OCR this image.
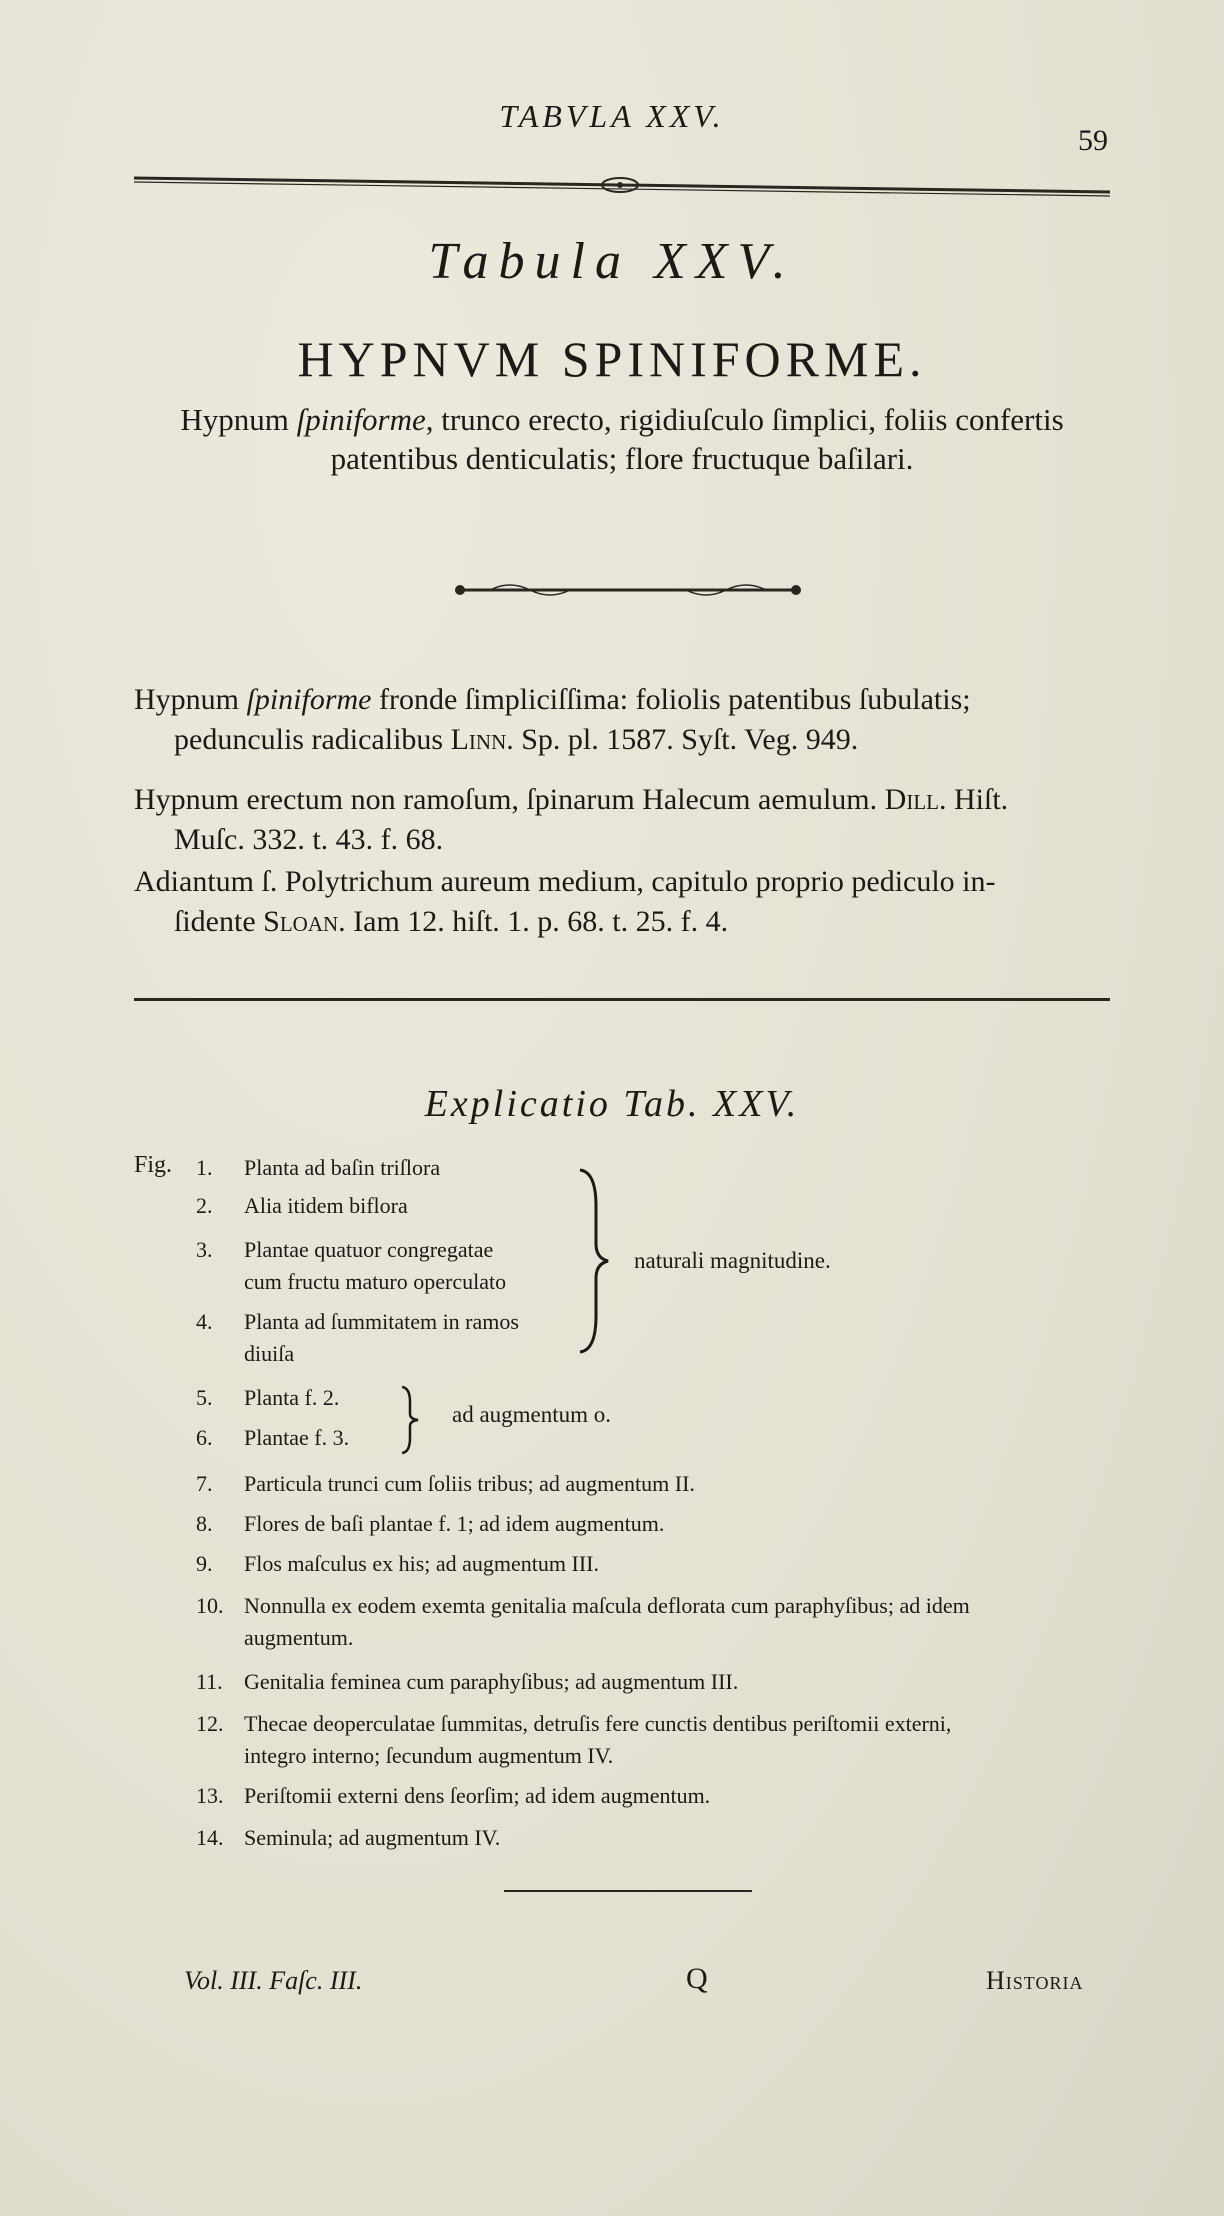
TABVLA XXV.
59
Tabula XXV.
HYPNVM SPINIFORME.
Hypnum ſpiniforme, trunco erecto, rigidiuſculo ſimplici, foliis confertis patentibus denticulatis; flore fructuque baſilari.
Hypnum ſpiniforme fronde ſimpliciſſima: foliolis patentibus ſubulatis;
pedunculis radicalibus Linn. Sp. pl. 1587. Syſt. Veg. 949.
Hypnum erectum non ramoſum, ſpinarum Halecum aemulum. Dill. Hiſt.
Muſc. 332. t. 43. f. 68.
Adiantum ſ. Polytrichum aureum medium, capitulo proprio pediculo in-
ſidente Sloan. Iam 12. hiſt. 1. p. 68. t. 25. f. 4.
Explicatio Tab. XXV.
Fig. 1. Planta ad baſin triſlora
2. Alia itidem biflora
3. Plantae quatuor congregatae
cum fructu maturo operculato
4. Planta ad ſummitatem in ramos
diuiſa
naturali magnitudine.
5. Planta f. 2.
6. Plantae f. 3.
ad augmentum o.
7. Particula trunci cum ſoliis tribus; ad augmentum II.
8. Flores de baſi plantae f. 1; ad idem augmentum.
9. Flos maſculus ex his; ad augmentum III.
10. Nonnulla ex eodem exemta genitalia maſcula deflorata cum paraphyſibus; ad idem
augmentum.
11. Genitalia feminea cum paraphyſibus; ad augmentum III.
12. Thecae deoperculatae ſummitas, detruſis fere cunctis dentibus periſtomii externi,
integro interno; ſecundum augmentum IV.
13. Periſtomii externi dens ſeorſim; ad idem augmentum.
14. Seminula; ad augmentum IV.
Vol. III. Faſc. III.	Q	Historia
